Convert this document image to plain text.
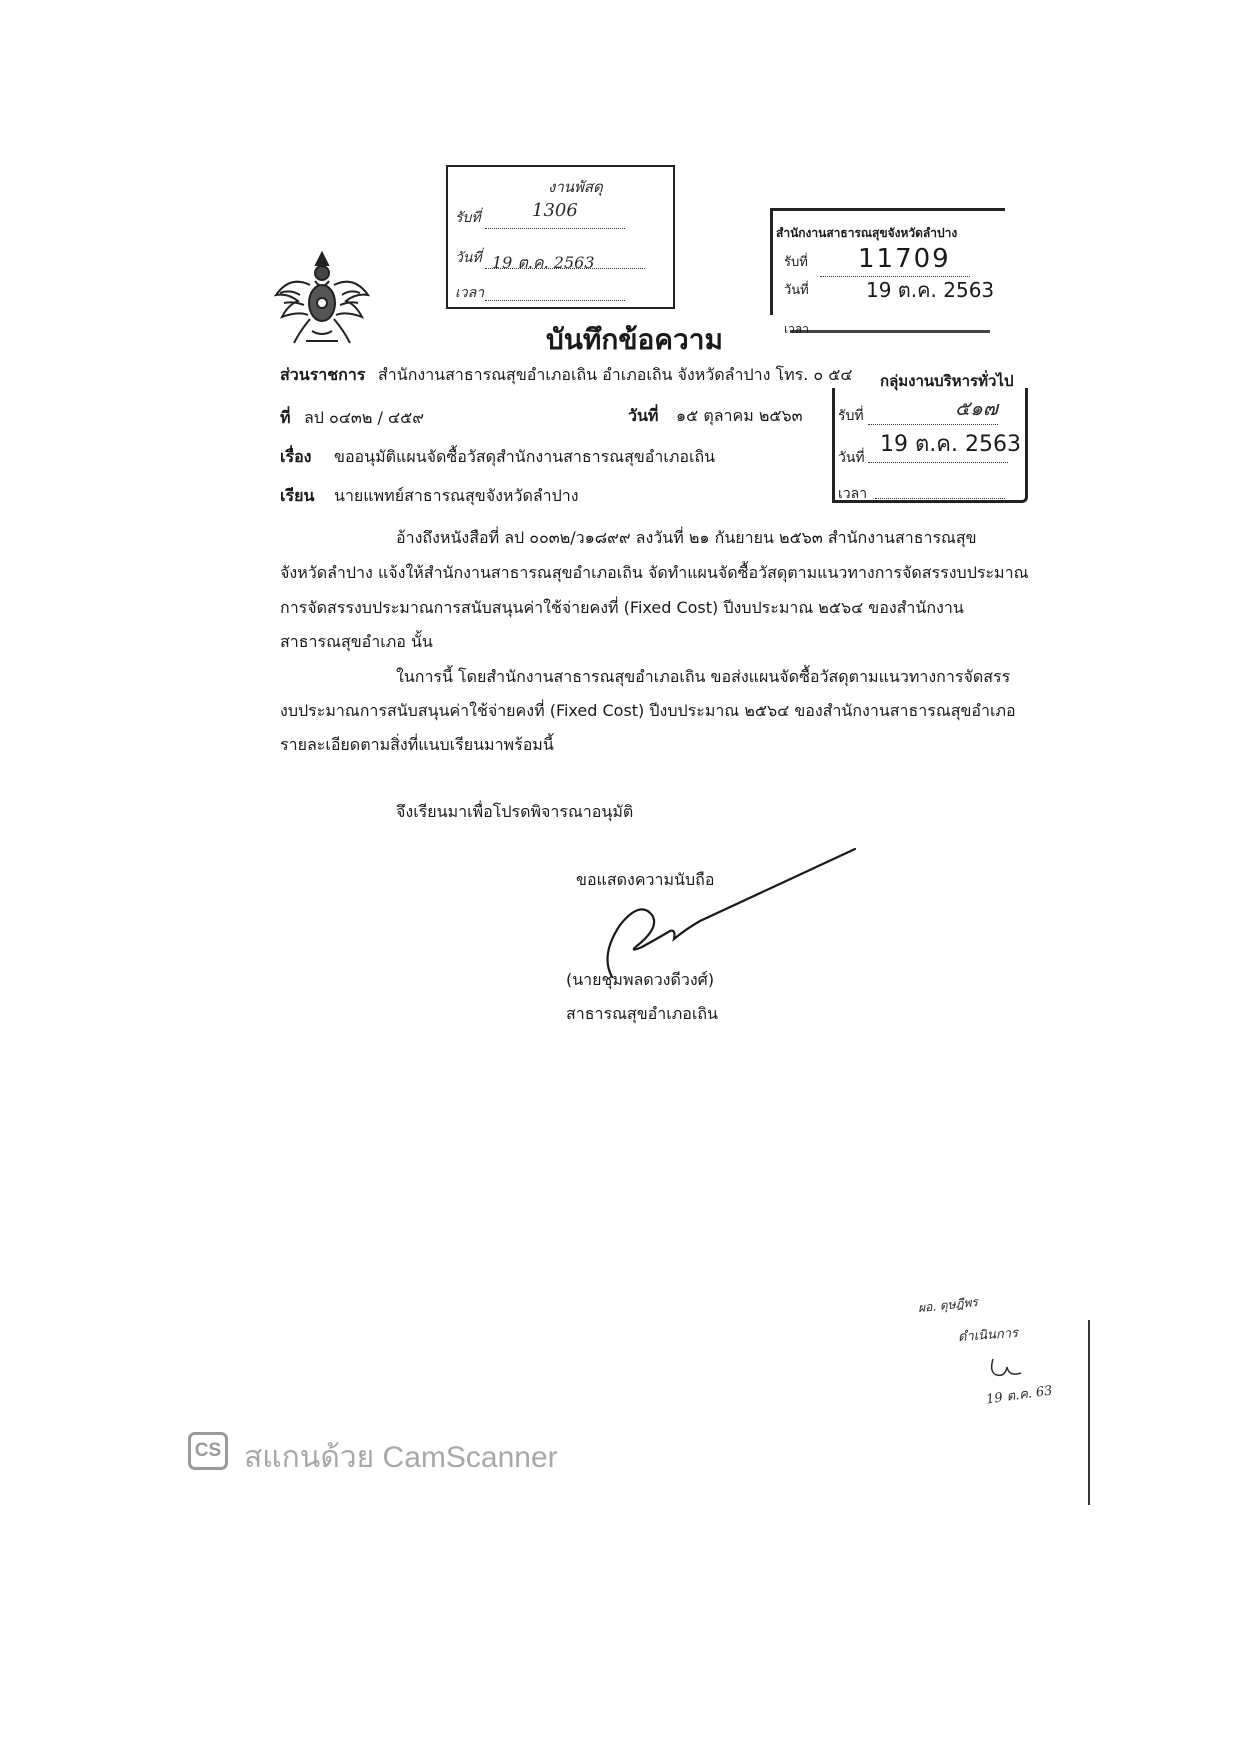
งานพัสดุ
รับที่	1306
วันที่ 19 ต.ค. 2563
เวลา
สำนักงานสาธารณสุขจังหวัดลำปาง
รับที่ 11709
วันที่	19 ต.ค. 2563
เวลา
บันทึกข้อความ
กลุ่มงานบริหารทั่วไป
รับที่	๕๑๗
วันที่
19 ต.ค. 2563
เวลา
ส่วนราชการ สำนักงานสาธารณสุขอำเภอเถิน อำเภอเถิน จังหวัดลำปาง โทร. ๐ ๕๔
ที่ ลป ๐๔๓๒ / ๔๕๙	วันที่ ๑๕ ตุลาคม ๒๕๖๓
เรื่อง ขออนุมัติแผนจัดซื้อวัสดุสำนักงานสาธารณสุขอำเภอเถิน
เรียน นายแพทย์สาธารณสุขจังหวัดลำปาง
อ้างถึงหนังสือที่ ลป ๐๐๓๒/ว๑๘๙๙ ลงวันที่ ๒๑ กันยายน ๒๕๖๓ สำนักงานสาธารณสุข
จังหวัดลำปาง แจ้งให้สำนักงานสาธารณสุขอำเภอเถิน จัดทำแผนจัดซื้อวัสดุตามแนวทางการจัดสรรงบประมาณ
การจัดสรรงบประมาณการสนับสนุนค่าใช้จ่ายคงที่ (Fixed Cost) ปีงบประมาณ ๒๕๖๔ ของสำนักงาน
สาธารณสุขอำเภอ นั้น
ในการนี้ โดยสำนักงานสาธารณสุขอำเภอเถิน ขอส่งแผนจัดซื้อวัสดุตามแนวทางการจัดสรร
งบประมาณการสนับสนุนค่าใช้จ่ายคงที่ (Fixed Cost) ปีงบประมาณ ๒๕๖๔ ของสำนักงานสาธารณสุขอำเภอ
รายละเอียดตามสิ่งที่แนบเรียนมาพร้อมนี้
จึงเรียนมาเพื่อโปรดพิจารณาอนุมัติ
ขอแสดงความนับถือ
(นายชุมพลดวงดีวงศ์)
สาธารณสุขอำเภอเถิน
ผอ. ดุษฎีพร
ดำเนินการ
19 ต.ค. 63
CS สแกนด้วย CamScanner
